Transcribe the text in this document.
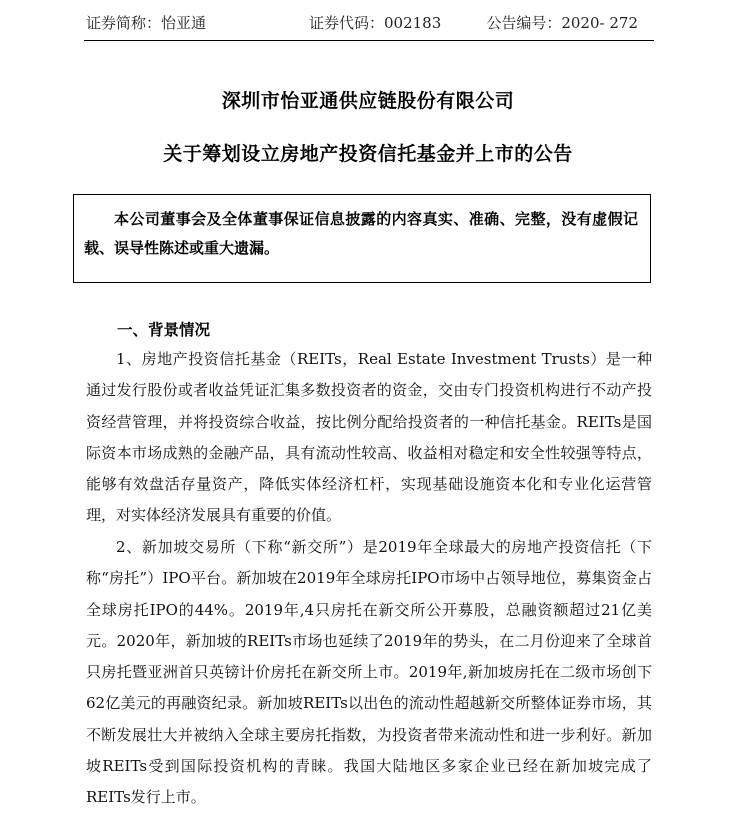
证券简称：怡亚通	证券代码：002183	公告编号：2020- 272
深圳市怡亚通供应链股份有限公司
关于筹划设立房地产投资信托基金并上市的公告
本公司董事会及全体董事保证信息披露的内容真实、准确、完整，没有虚假记载、误导性陈述或重大遗漏。
一、背景情况
1、房地产投资信托基金（REITs，Real Estate Investment Trusts）是一种通过发行股份或者收益凭证汇集多数投资者的资金，交由专门投资机构进行不动产投资经营管理，并将投资综合收益，按比例分配给投资者的一种信托基金。REITs是国际资本市场成熟的金融产品，具有流动性较高、收益相对稳定和安全性较强等特点，能够有效盘活存量资产，降低实体经济杠杆，实现基础设施资本化和专业化运营管理，对实体经济发展具有重要的价值。
2、新加坡交易所（下称“新交所”）是2019年全球最大的房地产投资信托（下称“房托”）IPO平台。新加坡在2019年全球房托IPO市场中占领导地位，募集资金占全球房托IPO的44%。2019年,4只房托在新交所公开募股，总融资额超过21亿美元。2020年，新加坡的REITs市场也延续了2019年的势头，在二月份迎来了全球首只房托暨亚洲首只英镑计价房托在新交所上市。2019年,新加坡房托在二级市场创下62亿美元的再融资纪录。新加坡REITs以出色的流动性超越新交所整体证券市场，其不断发展壮大并被纳入全球主要房托指数，为投资者带来流动性和进一步利好。新加坡REITs受到国际投资机构的青睐。我国大陆地区多家企业已经在新加坡完成了REITs发行上市。
